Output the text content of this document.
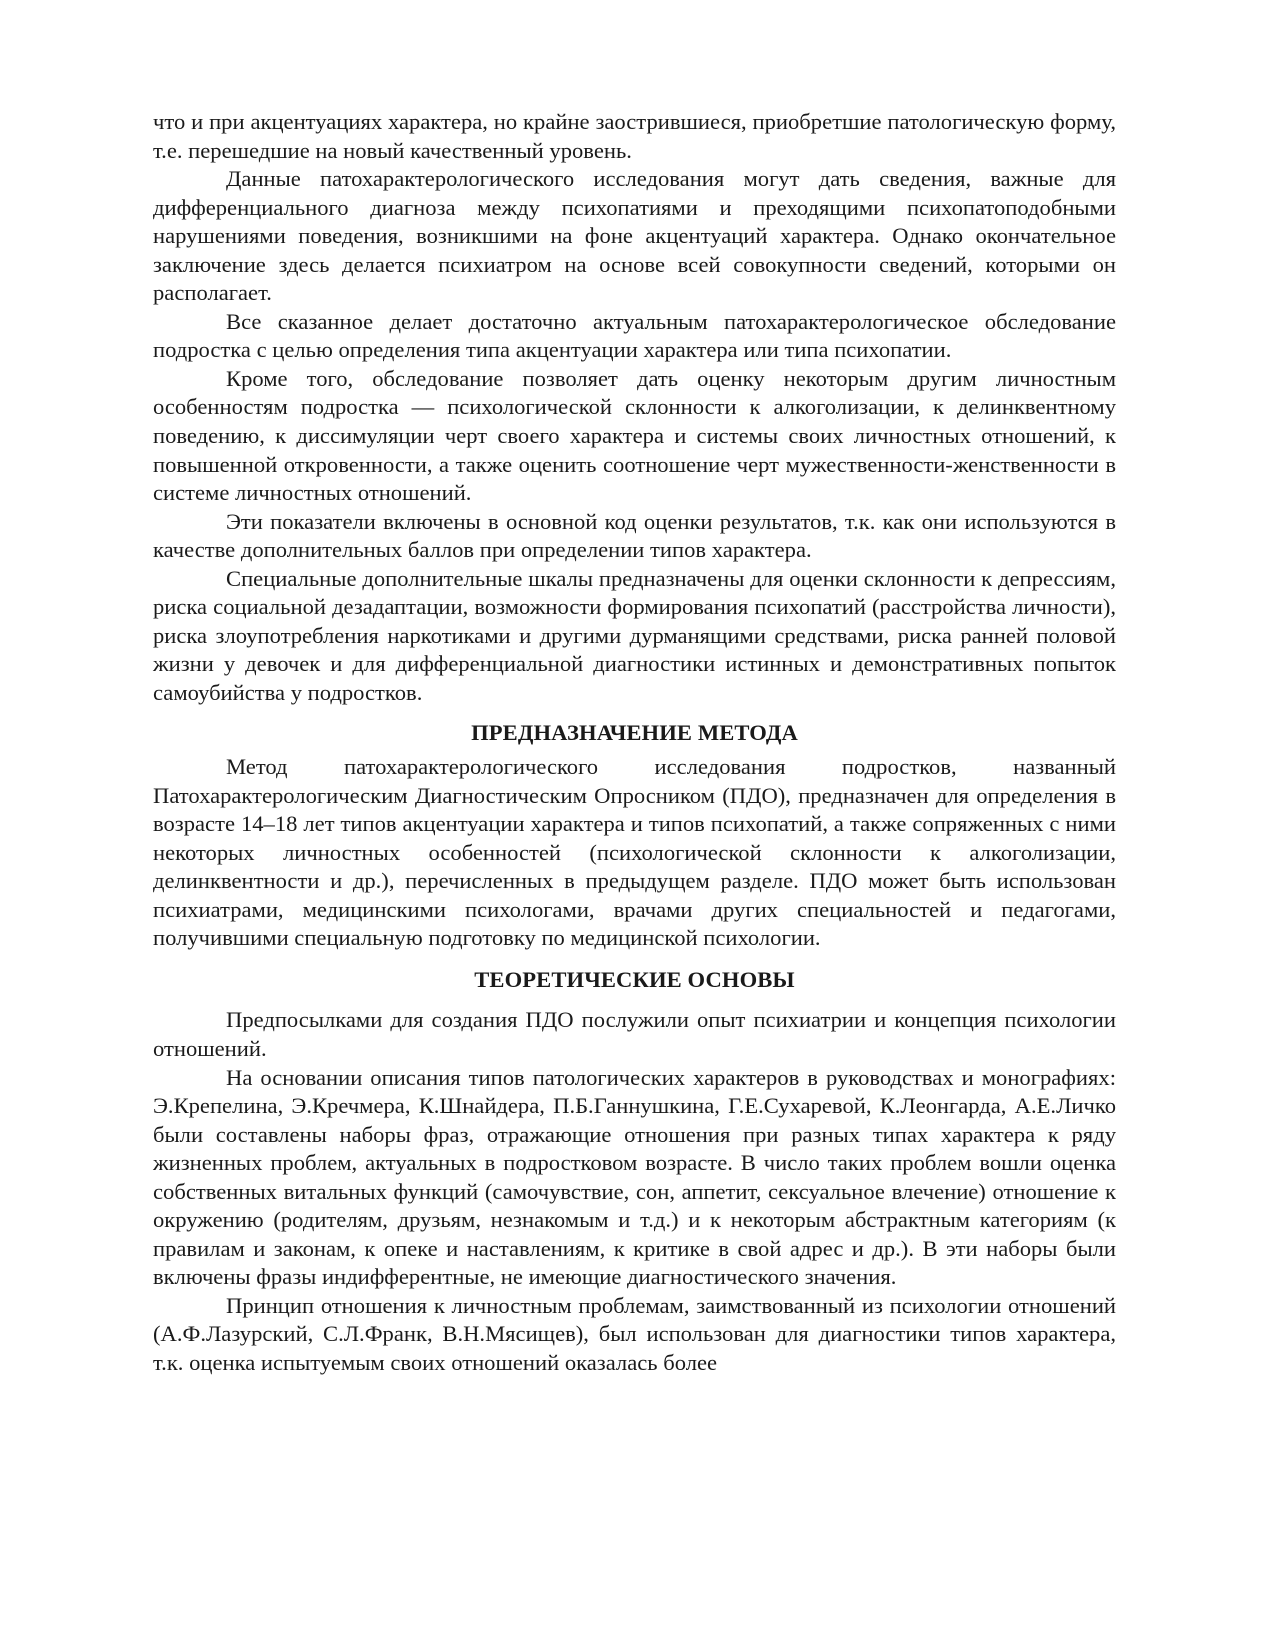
что и при акцентуациях характера, но крайне заострившиеся, приобретшие патологическую форму, т.е. перешедшие на новый качественный уровень.

Данные патохарактерологического исследования могут дать сведения, важные для дифференциального диагноза между психопатиями и преходящими психопатоподобными нарушениями поведения, возникшими на фоне акцентуаций характера. Однако окончательное заключение здесь делается психиатром на основе всей совокупности сведений, которыми он располагает.

Все сказанное делает достаточно актуальным патохарактерологическое обследование подростка с целью определения типа акцентуации характера или типа психопатии.

Кроме того, обследование позволяет дать оценку некоторым другим личностным особенностям подростка — психологической склонности к алкоголизации, к делинквентному поведению, к диссимуляции черт своего характера и системы своих личностных отношений, к повышенной откровенности, а также оценить соотношение черт мужественности-женственности в системе личностных отношений.

Эти показатели включены в основной код оценки результатов, т.к. как они используются в качестве дополнительных баллов при определении типов характера.

Специальные дополнительные шкалы предназначены для оценки склонности к депрессиям, риска социальной дезадаптации, возможности формирования психопатий (расстройства личности), риска злоупотребления наркотиками и другими дурманящими средствами, риска ранней половой жизни у девочек и для дифференциальной диагностики истинных и демонстративных попыток самоубийства у подростков.

ПРЕДНАЗНАЧЕНИЕ МЕТОДА

Метод патохарактерологического исследования подростков, названный Патохарактерологическим Диагностическим Опросником (ПДО), предназначен для определения в возрасте 14–18 лет типов акцентуации характера и типов психопатий, а также сопряженных с ними некоторых личностных особенностей (психологической склонности к алкоголизации, делинквентности и др.), перечисленных в предыдущем разделе. ПДО может быть использован психиатрами, медицинскими психологами, врачами других специальностей и педагогами, получившими специальную подготовку по медицинской психологии.

ТЕОРЕТИЧЕСКИЕ ОСНОВЫ

Предпосылками для создания ПДО послужили опыт психиатрии и концепция психологии отношений.

На основании описания типов патологических характеров в руководствах и монографиях: Э.Крепелина, Э.Кречмера, К.Шнайдера, П.Б.Ганнушкина, Г.Е.Сухаревой, К.Леонгарда, А.Е.Личко были составлены наборы фраз, отражающие отношения при разных типах характера к ряду жизненных проблем, актуальных в подростковом возрасте. В число таких проблем вошли оценка собственных витальных функций (самочувствие, сон, аппетит, сексуальное влечение) отношение к окружению (родителям, друзьям, незнакомым и т.д.) и к некоторым абстрактным категориям (к правилам и законам, к опеке и наставлениям, к критике в свой адрес и др.). В эти наборы были включены фразы индифферентные, не имеющие диагностического значения.

Принцип отношения к личностным проблемам, заимствованный из психологии отношений (А.Ф.Лазурский, С.Л.Франк, В.Н.Мясищев), был использован для диагностики типов характера, т.к. оценка испытуемым своих отношений оказалась более
